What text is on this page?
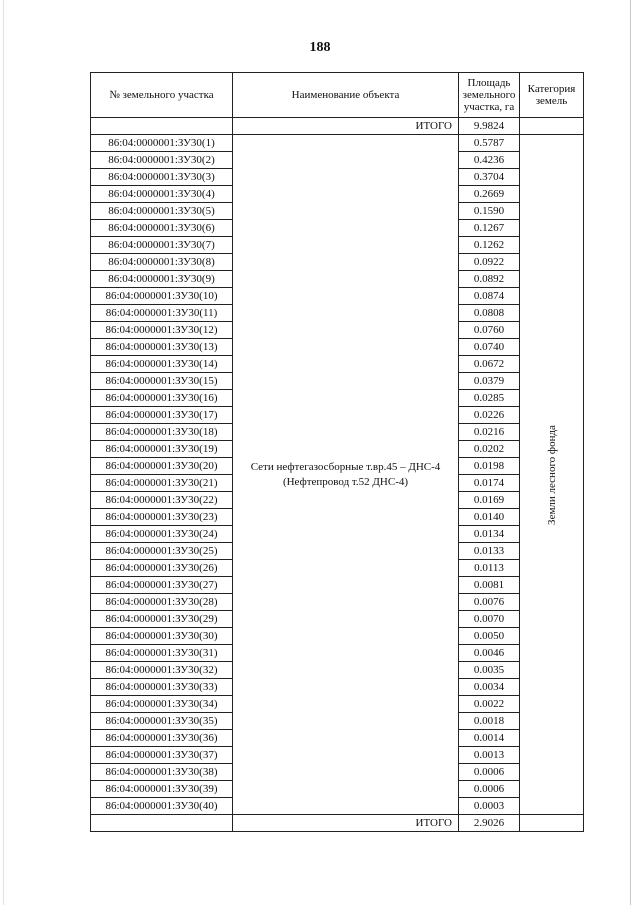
188
№ земельного участка	Наименование объекта	Площадь земельного участка, га	Категория земель
	ИТОГО	9.9824	
86:04:0000001:ЗУ30(1)	Сети нефтегазосборные т.вр.45 – ДНС-4
(Нефтепровод т.52 ДНС-4)	0.5787	Земли лесного фонда

86:04:0000001:ЗУ30(2)		0.4236	
86:04:0000001:ЗУ30(3)		0.3704	
86:04:0000001:ЗУ30(4)		0.2669	
86:04:0000001:ЗУ30(5)		0.1590	
86:04:0000001:ЗУ30(6)		0.1267	
86:04:0000001:ЗУ30(7)		0.1262	
86:04:0000001:ЗУ30(8)		0.0922	
86:04:0000001:ЗУ30(9)		0.0892	
86:04:0000001:ЗУ30(10)		0.0874	
86:04:0000001:ЗУ30(11)		0.0808	
86:04:0000001:ЗУ30(12)		0.0760	
86:04:0000001:ЗУ30(13)		0.0740	
86:04:0000001:ЗУ30(14)		0.0672	
86:04:0000001:ЗУ30(15)		0.0379	
86:04:0000001:ЗУ30(16)		0.0285	
86:04:0000001:ЗУ30(17)		0.0226	
86:04:0000001:ЗУ30(18)		0.0216	
86:04:0000001:ЗУ30(19)		0.0202	
86:04:0000001:ЗУ30(20)		0.0198	
86:04:0000001:ЗУ30(21)		0.0174	
86:04:0000001:ЗУ30(22)		0.0169	
86:04:0000001:ЗУ30(23)		0.0140	
86:04:0000001:ЗУ30(24)		0.0134	
86:04:0000001:ЗУ30(25)		0.0133	
86:04:0000001:ЗУ30(26)		0.0113	
86:04:0000001:ЗУ30(27)		0.0081	
86:04:0000001:ЗУ30(28)		0.0076	
86:04:0000001:ЗУ30(29)		0.0070	
86:04:0000001:ЗУ30(30)		0.0050	
86:04:0000001:ЗУ30(31)		0.0046	
86:04:0000001:ЗУ30(32)		0.0035	
86:04:0000001:ЗУ30(33)		0.0034	
86:04:0000001:ЗУ30(34)		0.0022	
86:04:0000001:ЗУ30(35)		0.0018	
86:04:0000001:ЗУ30(36)		0.0014	
86:04:0000001:ЗУ30(37)		0.0013	
86:04:0000001:ЗУ30(38)		0.0006	
86:04:0000001:ЗУ30(39)		0.0006	
86:04:0000001:ЗУ30(40)		0.0003	
	ИТОГО	2.9026	
